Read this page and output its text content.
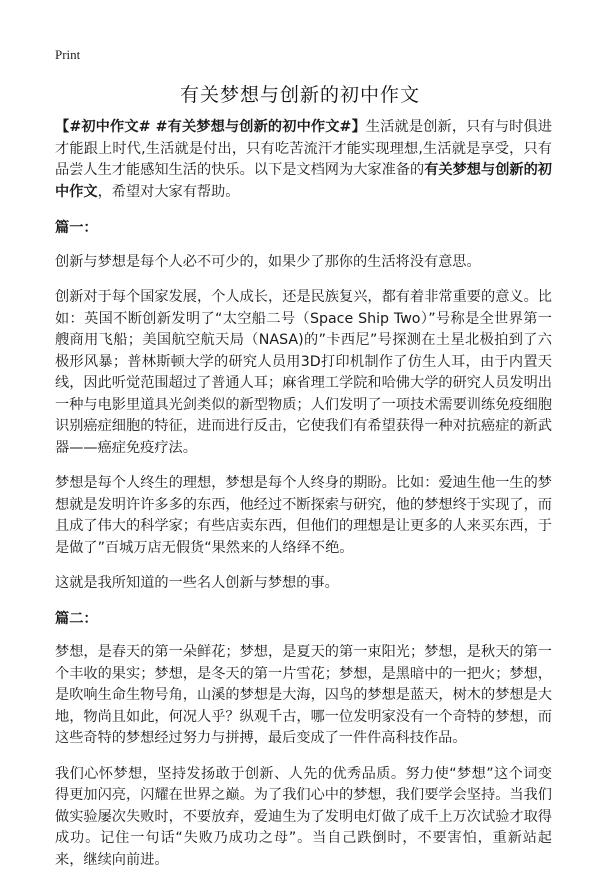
Print
有关梦想与创新的初中作文

【#初中作文# #有关梦想与创新的初中作文#】生活就是创新，只有与时俱进才能跟上时代,生活就是付出，只有吃苦流汗才能实现理想,生活就是享受，只有品尝人生才能感知生活的快乐。以下是文档网为大家准备的有关梦想与创新的初中作文，希望对大家有帮助。

篇一：

创新与梦想是每个人必不可少的，如果少了那你的生活将没有意思。

创新对于每个国家发展，个人成长，还是民族复兴，都有着非常重要的意义。比如：英国不断创新发明了“太空船二号（Space Ship Two）”号称是全世界第一艘商用飞船；美国航空航天局（NASA)的”卡西尼”号探测在土星北极拍到了六极形风暴；普林斯顿大学的研究人员用3D打印机制作了仿生人耳，由于内置天线，因此听觉范围超过了普通人耳；麻省理工学院和哈佛大学的研究人员发明出一种与电影里道具光剑类似的新型物质；人们发明了一项技术需要训练免疫细胞识别癌症细胞的特征，进而进行反击，它使我们有希望获得一种对抗癌症的新武器——癌症免疫疗法。

梦想是每个人终生的理想，梦想是每个人终身的期盼。比如：爱迪生他一生的梦想就是发明许许多多的东西，他经过不断探索与研究，他的梦想终于实现了，而且成了伟大的科学家；有些店卖东西，但他们的理想是让更多的人来买东西，于是做了”百城万店无假货“果然来的人络绎不绝。

这就是我所知道的一些名人创新与梦想的事。

篇二：

梦想，是春天的第一朵鲜花；梦想，是夏天的第一束阳光；梦想，是秋天的第一个丰收的果实；梦想，是冬天的第一片雪花；梦想，是黑暗中的一把火；梦想，是吹响生命生物号角，山溪的梦想是大海，囚鸟的梦想是蓝天，树木的梦想是大地，物尚且如此，何况人乎？纵观千古，哪一位发明家没有一个奇特的梦想，而这些奇特的梦想经过努力与拼搏，最后变成了一件件高科技作品。

我们心怀梦想，坚持发扬敢于创新、人先的优秀品质。努力使“梦想”这个词变得更加闪亮，闪耀在世界之巅。为了我们心中的梦想，我们要学会坚持。当我们做实验屡次失败时，不要放弃，爱迪生为了发明电灯做了成千上万次试验才取得成功。记住一句话“失败乃成功之母”。当自己跌倒时，不要害怕，重新站起来，继续向前进。
